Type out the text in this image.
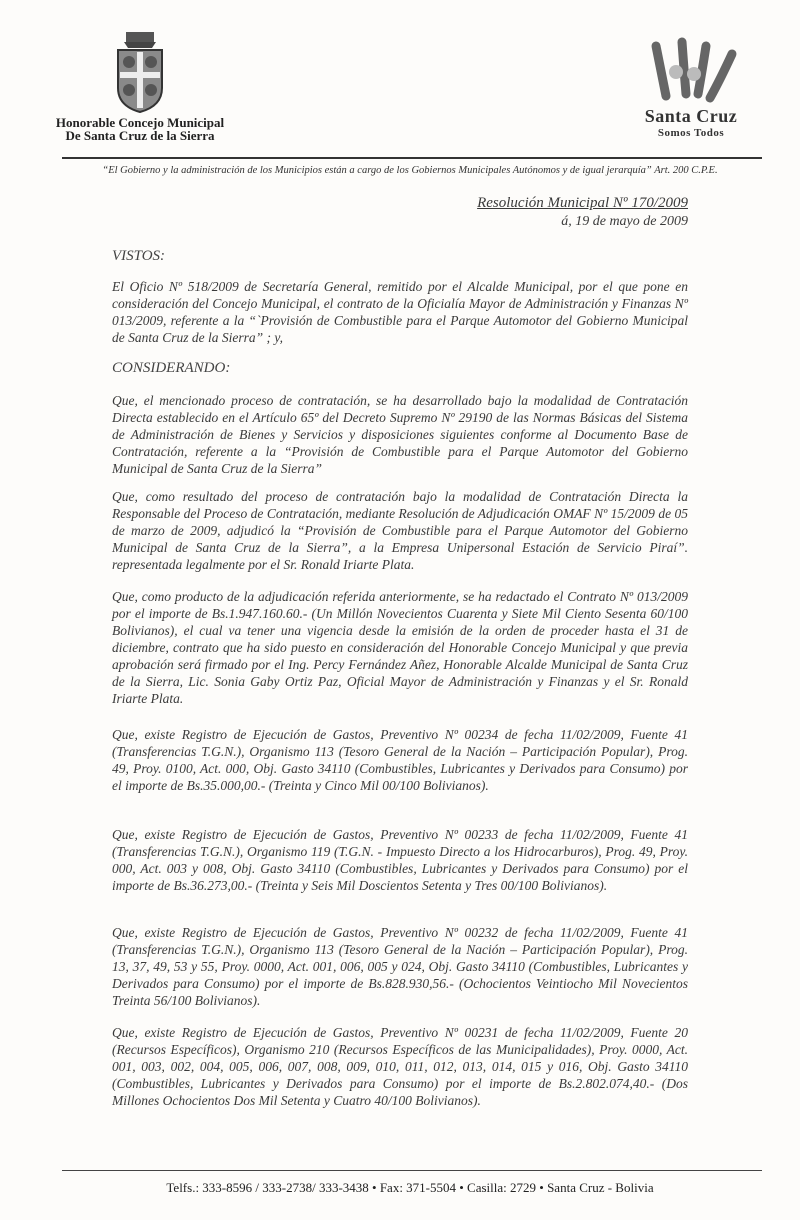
Honorable Concejo Municipal
De Santa Cruz de la Sierra
Santa Cruz
Somos Todos
“El Gobierno y la administración de los Municipios están a cargo de los Gobiernos Municipales Autónomos y de igual jerarquía” Art. 200 C.P.E.
Resolución Municipal Nº 170/2009
á, 19 de mayo de 2009
VISTOS:
El Oficio Nº 518/2009 de Secretaría General, remitido por el Alcalde Municipal, por el que pone en consideración del Concejo Municipal, el contrato de la Oficialía Mayor de Administración y Finanzas Nº 013/2009, referente a la “`Provisión de Combustible para el Parque Automotor del Gobierno Municipal de Santa Cruz de la Sierra” ; y,
CONSIDERANDO:
Que, el mencionado proceso de contratación, se ha desarrollado bajo la modalidad de Contratación Directa establecido en el Artículo 65º del Decreto Supremo Nº 29190 de las Normas Básicas del Sistema de Administración de Bienes y Servicios y disposiciones siguientes conforme al Documento Base de Contratación, referente a la “Provisión de Combustible para el Parque Automotor del Gobierno Municipal de Santa Cruz de la Sierra”
Que, como resultado del proceso de contratación bajo la modalidad de Contratación Directa la Responsable del Proceso de Contratación, mediante Resolución de Adjudicación OMAF Nº 15/2009 de 05 de marzo de 2009, adjudicó la “Provisión de Combustible para el Parque Automotor del Gobierno Municipal de Santa Cruz de la Sierra”, a la Empresa Unipersonal Estación de Servicio Piraí”. representada legalmente por el Sr. Ronald Iriarte Plata.
Que, como producto de la adjudicación referida anteriormente, se ha redactado el Contrato Nº 013/2009 por el importe de Bs.1.947.160.60.- (Un Millón Novecientos Cuarenta y Siete Mil Ciento Sesenta 60/100 Bolivianos), el cual va tener una vigencia desde la emisión de la orden de proceder hasta el 31 de diciembre, contrato que ha sido puesto en consideración del Honorable Concejo Municipal y que previa aprobación será firmado por el Ing. Percy Fernández Añez, Honorable Alcalde Municipal de Santa Cruz de la Sierra, Lic. Sonia Gaby Ortiz Paz, Oficial Mayor de Administración y Finanzas y el Sr. Ronald Iriarte Plata.
Que, existe Registro de Ejecución de Gastos, Preventivo Nº 00234 de fecha 11/02/2009, Fuente 41 (Transferencias T.G.N.), Organismo 113 (Tesoro General de la Nación – Participación Popular), Prog. 49, Proy. 0100, Act. 000, Obj. Gasto 34110 (Combustibles, Lubricantes y Derivados para Consumo) por el importe de Bs.35.000,00.- (Treinta y Cinco Mil 00/100 Bolivianos).
Que, existe Registro de Ejecución de Gastos, Preventivo Nº 00233 de fecha 11/02/2009, Fuente 41 (Transferencias T.G.N.), Organismo 119 (T.G.N. - Impuesto Directo a los Hidrocarburos), Prog. 49, Proy. 000, Act. 003 y 008, Obj. Gasto 34110 (Combustibles, Lubricantes y Derivados para Consumo) por el importe de Bs.36.273,00.- (Treinta y Seis Mil Doscientos Setenta y Tres 00/100 Bolivianos).
Que, existe Registro de Ejecución de Gastos, Preventivo Nº 00232 de fecha 11/02/2009, Fuente 41 (Transferencias T.G.N.), Organismo 113 (Tesoro General de la Nación – Participación Popular), Prog. 13, 37, 49, 53 y 55, Proy. 0000, Act. 001, 006, 005 y 024, Obj. Gasto 34110 (Combustibles, Lubricantes y Derivados para Consumo) por el importe de Bs.828.930,56.- (Ochocientos Veintiocho Mil Novecientos Treinta 56/100 Bolivianos).
Que, existe Registro de Ejecución de Gastos, Preventivo Nº 00231 de fecha 11/02/2009, Fuente 20 (Recursos Específicos), Organismo 210 (Recursos Específicos de las Municipalidades), Proy. 0000, Act. 001, 003, 002, 004, 005, 006, 007, 008, 009, 010, 011, 012, 013, 014, 015 y 016, Obj. Gasto 34110 (Combustibles, Lubricantes y Derivados para Consumo) por el importe de Bs.2.802.074,40.- (Dos Millones Ochocientos Dos Mil Setenta y Cuatro 40/100 Bolivianos).
Telfs.: 333-8596 / 333-2738/ 333-3438 • Fax: 371-5504 • Casilla: 2729 • Santa Cruz - Bolivia
